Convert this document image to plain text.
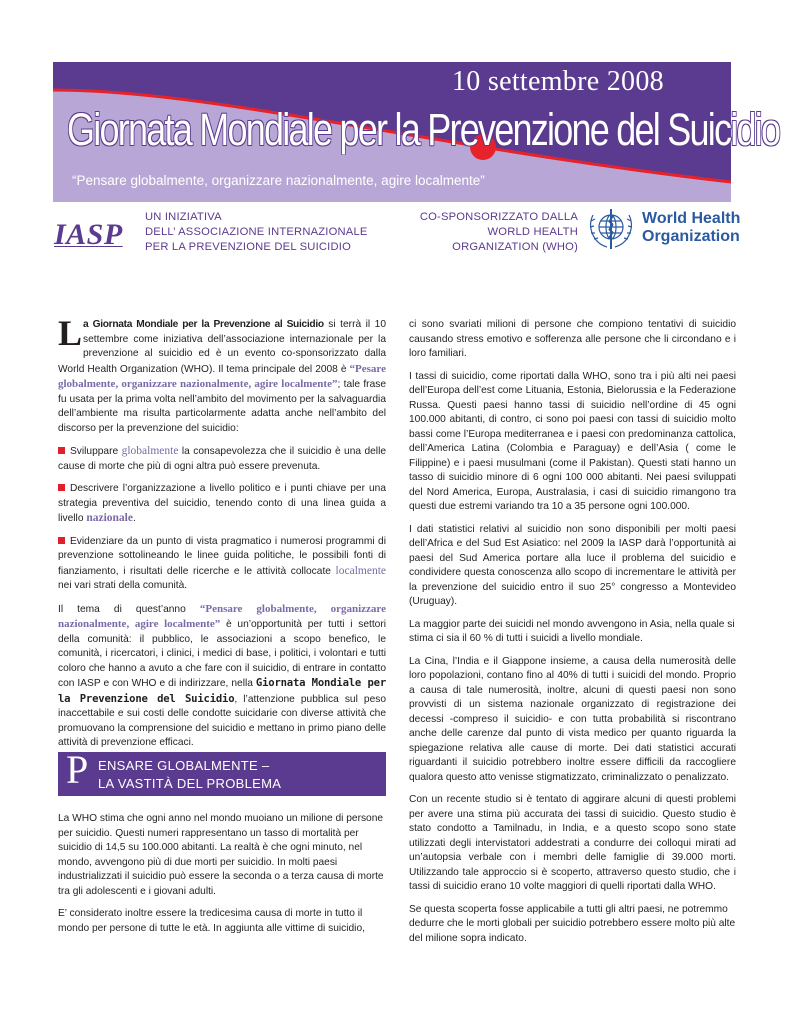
10 settembre 2008
Giornata Mondiale per la Prevenzione del Suicidio
“Pensare globalmente, organizzare nazionalmente, agire localmente”
IASP
UN INIZIATIVA
DELL’ ASSOCIAZIONE INTERNAZIONALE
PER LA PREVENZIONE DEL SUICIDIO
CO-SPONSORIZZATO DALLA
WORLD HEALTH
ORGANIZATION (WHO)
World Health
Organization

La Giornata Mondiale per la Prevenzione al Suicidio si terrà il 10 settembre come iniziativa dell’associazione internazionale per la prevenzione al suicidio ed è un evento co-sponsorizzato dalla World Health Organization (WHO). Il tema principale del 2008 è “Pesare globalmente, organizzare nazionalmente, agire localmente”; tale frase fu usata per la prima volta nell’ambito del movimento per la salvaguardia dell’ambiente ma risulta particolarmente adatta anche nell’ambito del discorso per la prevenzione del suicidio:

Sviluppare globalmente la consapevolezza che il suicidio è una delle cause di morte che più di ogni altra può essere prevenuta.

Descrivere l’organizzazione a livello politico e i punti chiave per una strategia preventiva del suicidio, tenendo conto di una linea guida a livello nazionale.

Evidenziare da un punto di vista pragmatico i numerosi programmi di prevenzione sottolineando le linee guida politiche, le possibili fonti di fianziamento, i risultati delle ricerche e le attività collocate localmente nei vari strati della comunità.

Il tema di quest’anno “Pensare globalmente, organizzare nazionalmente, agire localmente” è un’opportunità per tutti i settori della comunità: il pubblico, le associazioni a scopo benefico, le comunità, i ricercatori, i clinici, i medici di base, i politici, i volontari e tutti coloro che hanno a avuto a che fare con il suicidio, di entrare in contatto con IASP e con WHO e di indirizzare, nella Giornata Mondiale per la Prevenzione del Suicidio, l’attenzione pubblica sul peso inaccettabile e sui costi delle condotte suicidarie con diverse attività che promuovano la comprensione del suicidio e mettano in primo piano delle attività di prevenzione efficaci.

P ENSARE GLOBALMENTE –
LA VASTITÀ DEL PROBLEMA

La WHO stima che ogni anno nel mondo muoiano un milione di persone per suicidio. Questi numeri rappresentano un tasso di mortalità per suicidio di 14,5 su 100.000 abitanti. La realtà è che ogni minuto, nel mondo, avvengono più di due morti per suicidio. In molti paesi industrializzati il suicidio può essere la seconda o a terza causa di morte tra gli adolescenti e i giovani adulti.

E’ considerato inoltre essere la tredicesima causa di morte in tutto il mondo per persone di tutte le età. In aggiunta alle vittime di suicidio,

ci sono svariati milioni di persone che compiono tentativi di suicidio causando stress emotivo e sofferenza alle persone che li circondano e i loro familiari.

I tassi di suicidio, come riportati dalla WHO, sono tra i più alti nei paesi dell’Europa dell’est come Lituania, Estonia, Bielorussia e la Federazione Russa. Questi paesi hanno tassi di suicidio nell’ordine di 45 ogni 100.000 abitanti, di contro, ci sono poi paesi con tassi di suicidio molto bassi come l’Europa mediterranea e i paesi con predominanza cattolica, dell’America Latina (Colombia e Paraguay) e dell’Asia ( come le Filippine) e i paesi musulmani (come il Pakistan). Questi stati hanno un tasso di suicidio minore di 6 ogni 100 000 abitanti. Nei paesi sviluppati del Nord America, Europa, Australasia, i casi di suicidio rimangono tra questi due estremi variando tra 10 a 35 persone ogni 100.000.

I dati statistici relativi al suicidio non sono disponibili per molti paesi dell’Africa e del Sud Est Asiatico: nel 2009 la IASP darà l’opportunità ai paesi del Sud America portare alla luce il problema del suicidio e condividere questa conoscenza allo scopo di incrementare le attività per la prevenzione del suicidio entro il suo 25° congresso a Montevideo (Uruguay).

La maggior parte dei suicidi nel mondo avvengono in Asia, nella quale si stima ci sia il 60 % di tutti i suicidi a livello mondiale.

La Cina, l’India e il Giappone insieme, a causa della numerosità delle loro popolazioni, contano fino al 40% di tutti i suicidi del mondo. Proprio a causa di tale numerosità, inoltre, alcuni di questi paesi non sono provvisti di un sistema nazionale organizzato di registrazione dei decessi -compreso il suicidio- e con tutta probabilità si riscontrano anche delle carenze dal punto di vista medico per quanto riguarda la spiegazione relativa alle cause di morte. Dei dati statistici accurati riguardanti il suicidio potrebbero inoltre essere difficili da raccogliere qualora questo atto venisse stigmatizzato, criminalizzato o penalizzato.

Con un recente studio si è tentato di aggirare alcuni di questi problemi per avere una stima più accurata dei tassi di suicidio. Questo studio è stato condotto a Tamilnadu, in India, e a questo scopo sono state utilizzati degli intervistatori addestrati a condurre dei colloqui mirati ad un’autopsia verbale con i membri delle famiglie di 39.000 morti. Utilizzando tale approccio si è scoperto, attraverso questo studio, che i tassi di suicidio erano 10 volte maggiori di quelli riportati dalla WHO.

Se questa scoperta fosse applicabile a tutti gli altri paesi, ne potremmo dedurre che le morti globali per suicidio potrebbero essere molto più alte del milione sopra indicato.
